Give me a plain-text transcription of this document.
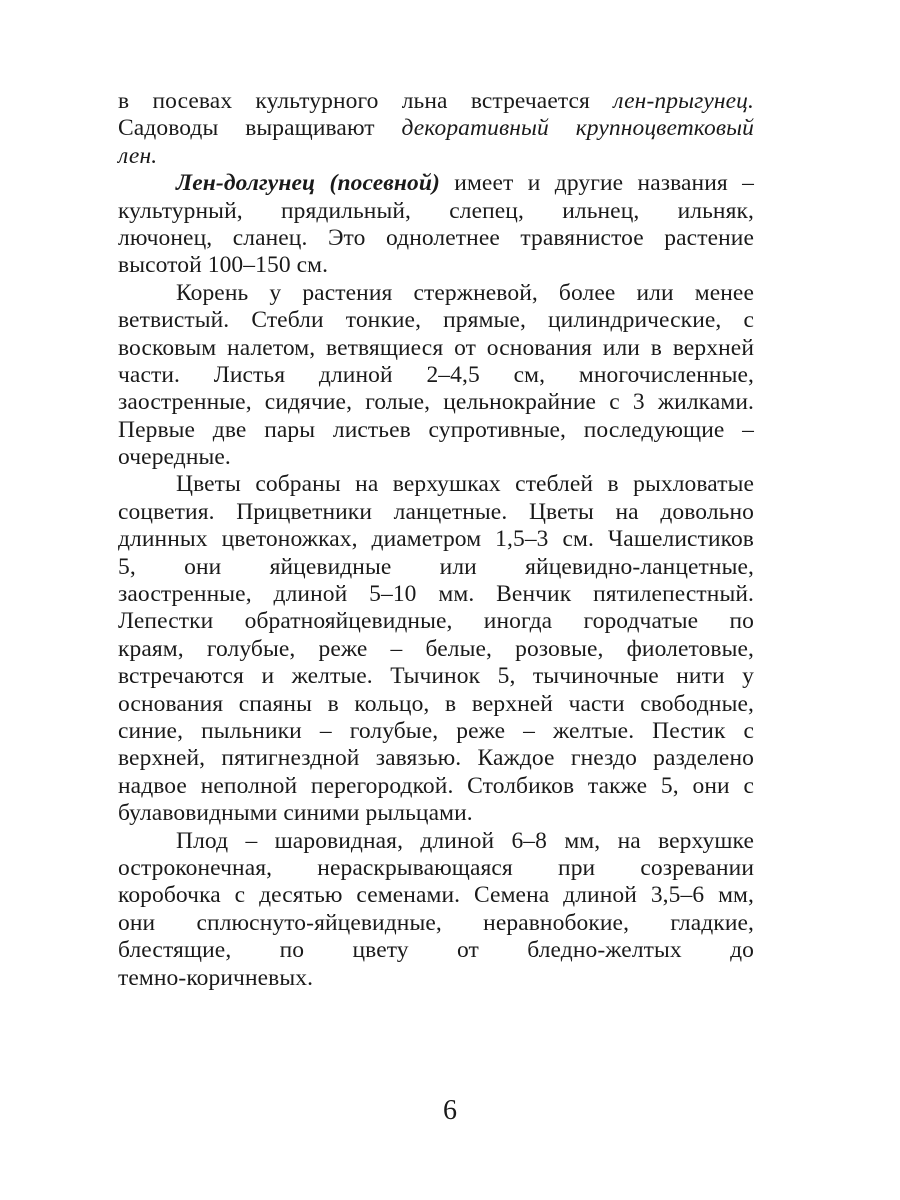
в посевах культурного льна встречается лен-прыгунец.
Садоводы выращивают декоративный крупноцветковый
лен.
Лен-долгунец (посевной) имеет и другие названия –
культурный, прядильный, слепец, ильнец, ильняк,
лючонец, сланец. Это однолетнее травянистое растение
высотой 100–150 см.
Корень у растения стержневой, более или менее
ветвистый. Стебли тонкие, прямые, цилиндрические, с
восковым налетом, ветвящиеся от основания или в верхней
части. Листья длиной 2–4,5 см, многочисленные,
заостренные, сидячие, голые, цельнокрайние с 3 жилками.
Первые две пары листьев супротивные, последующие –
очередные.
Цветы собраны на верхушках стеблей в рыхловатые
соцветия. Прицветники ланцетные. Цветы на довольно
длинных цветоножках, диаметром 1,5–3 см. Чашелистиков
5, они яйцевидные или яйцевидно-ланцетные,
заостренные, длиной 5–10 мм. Венчик пятилепестный.
Лепестки обратнояйцевидные, иногда городчатые по
краям, голубые, реже – белые, розовые, фиолетовые,
встречаются и желтые. Тычинок 5, тычиночные нити у
основания спаяны в кольцо, в верхней части свободные,
синие, пыльники – голубые, реже – желтые. Пестик с
верхней, пятигнездной завязью. Каждое гнездо разделено
надвое неполной перегородкой. Столбиков также 5, они с
булавовидными синими рыльцами.
Плод – шаровидная, длиной 6–8 мм, на верхушке
остроконечная, нераскрывающаяся при созревании
коробочка с десятью семенами. Семена длиной 3,5–6 мм,
они сплюснуто-яйцевидные, неравнобокие, гладкие,
блестящие, по цвету от бледно-желтых до
темно-коричневых.
6
